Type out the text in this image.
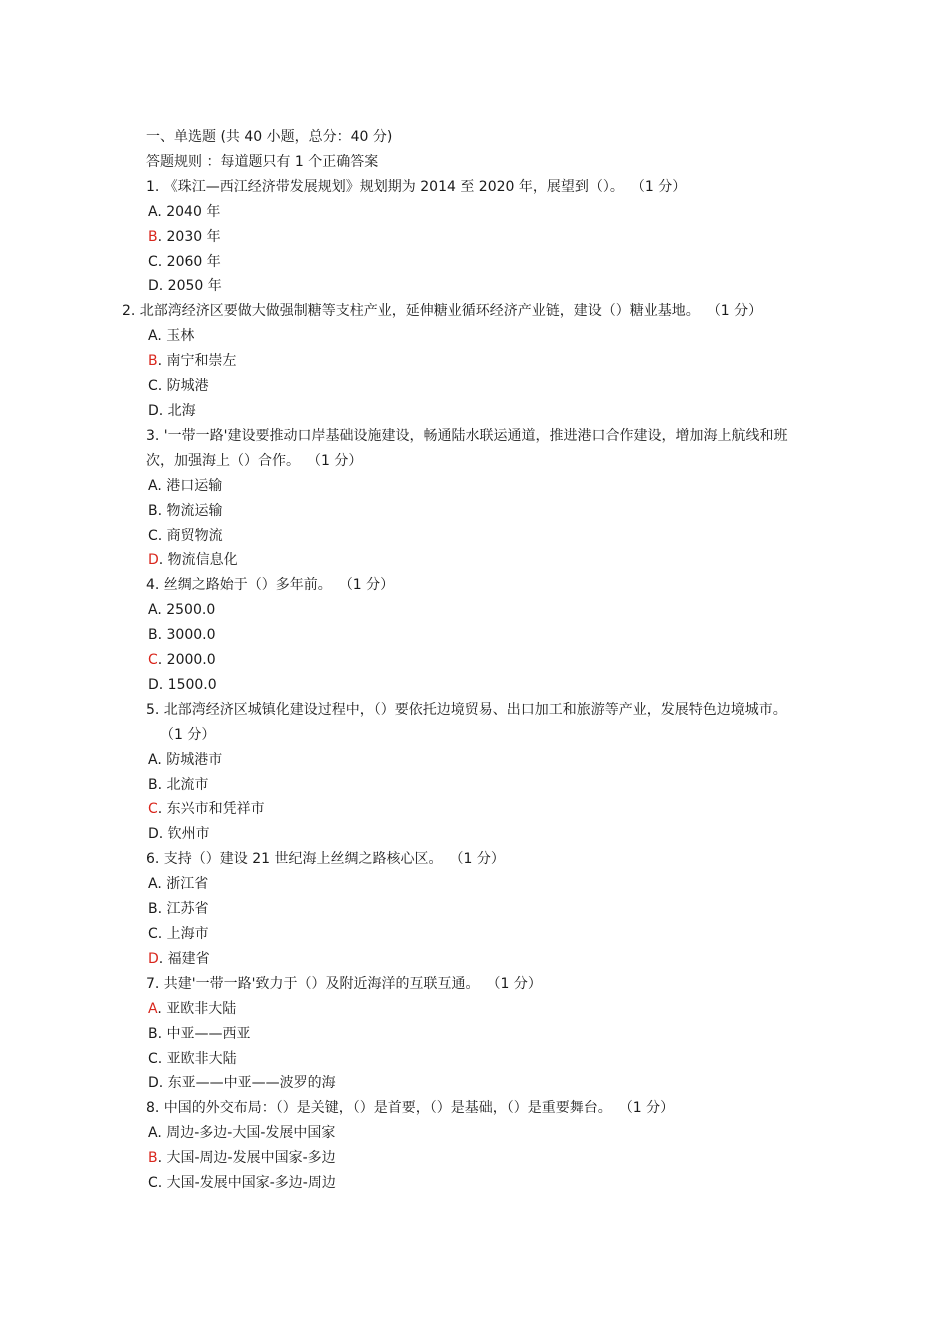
一、单选题 (共 40 小题，总分：40 分)
答题规则 ：每道题只有 1 个正确答案
1. 《珠江—西江经济带发展规划》规划期为 2014 至 2020 年，展望到（）。 （1 分）
A. 2040 年
B. 2030 年
C. 2060 年
D. 2050 年
2. 北部湾经济区要做大做强制糖等支柱产业，延伸糖业循环经济产业链，建设（）糖业基地。 （1 分）
A. 玉林
B. 南宁和崇左
C. 防城港
D. 北海
3. '一带一路'建设要推动口岸基础设施建设，畅通陆水联运通道，推进港口合作建设，增加海上航线和班次，加强海上（）合作。 （1 分）
A. 港口运输
B. 物流运输
C. 商贸物流
D. 物流信息化
4. 丝绸之路始于（）多年前。 （1 分）
A. 2500.0
B. 3000.0
C. 2000.0
D. 1500.0
5. 北部湾经济区城镇化建设过程中，（）要依托边境贸易、出口加工和旅游等产业，发展特色边境城市。（1 分）
A. 防城港市
B. 北流市
C. 东兴市和凭祥市
D. 钦州市
6. 支持（）建设 21 世纪海上丝绸之路核心区。 （1 分）
A. 浙江省
B. 江苏省
C. 上海市
D. 福建省
7. 共建'一带一路'致力于（）及附近海洋的互联互通。 （1 分）
A. 亚欧非大陆
B. 中亚——西亚
C. 亚欧非大陆
D. 东亚——中亚——波罗的海
8. 中国的外交布局：（）是关键，（）是首要，（）是基础，（）是重要舞台。 （1 分）
A. 周边-多边-大国-发展中国家
B. 大国-周边-发展中国家-多边
C. 大国-发展中国家-多边-周边
